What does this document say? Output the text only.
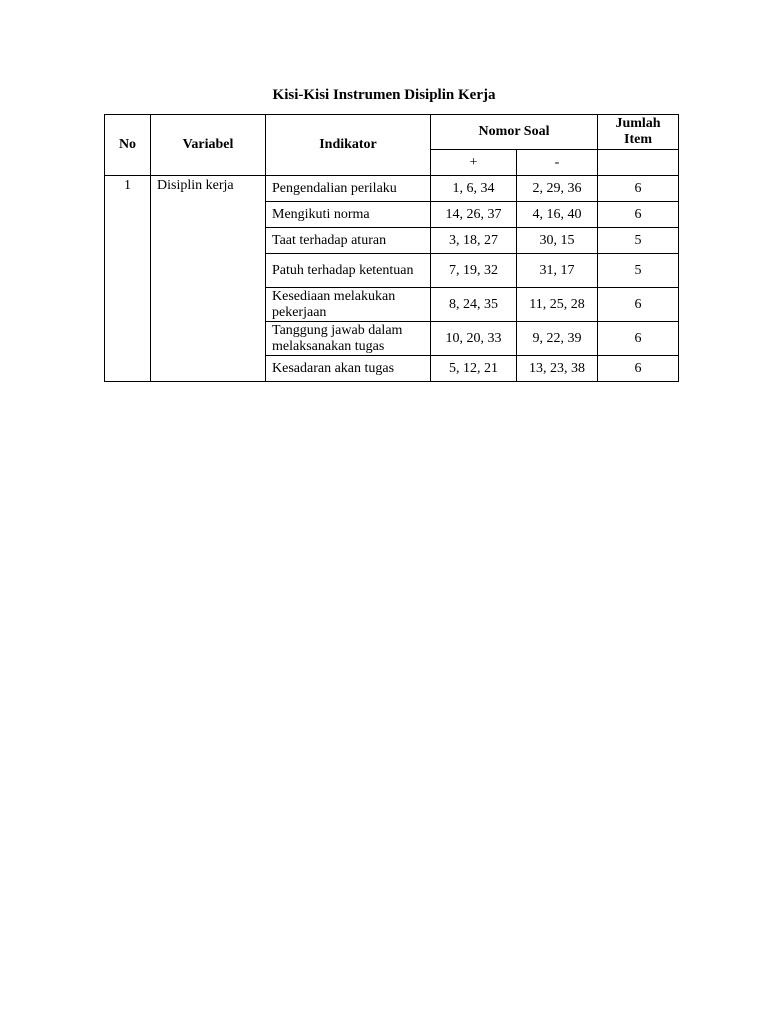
Kisi-Kisi Instrumen Disiplin Kerja
No	Variabel	Indikator	Nomor Soal		Jumlah Item
			+	-	
1	Disiplin kerja	Pengendalian perilaku	1, 6, 34	2, 29, 36	6
		Mengikuti norma	14, 26, 37	4, 16, 40	6
		Taat terhadap aturan	3, 18, 27	30, 15	5
		Patuh terhadap ketentuan	7, 19, 32	31, 17	5
		Kesediaan melakukan pekerjaan	8, 24, 35	11, 25, 28	6
		Tanggung jawab dalam melaksanakan tugas	10, 20, 33	9, 22, 39	6
		Kesadaran akan tugas	5, 12, 21	13, 23, 38	6
